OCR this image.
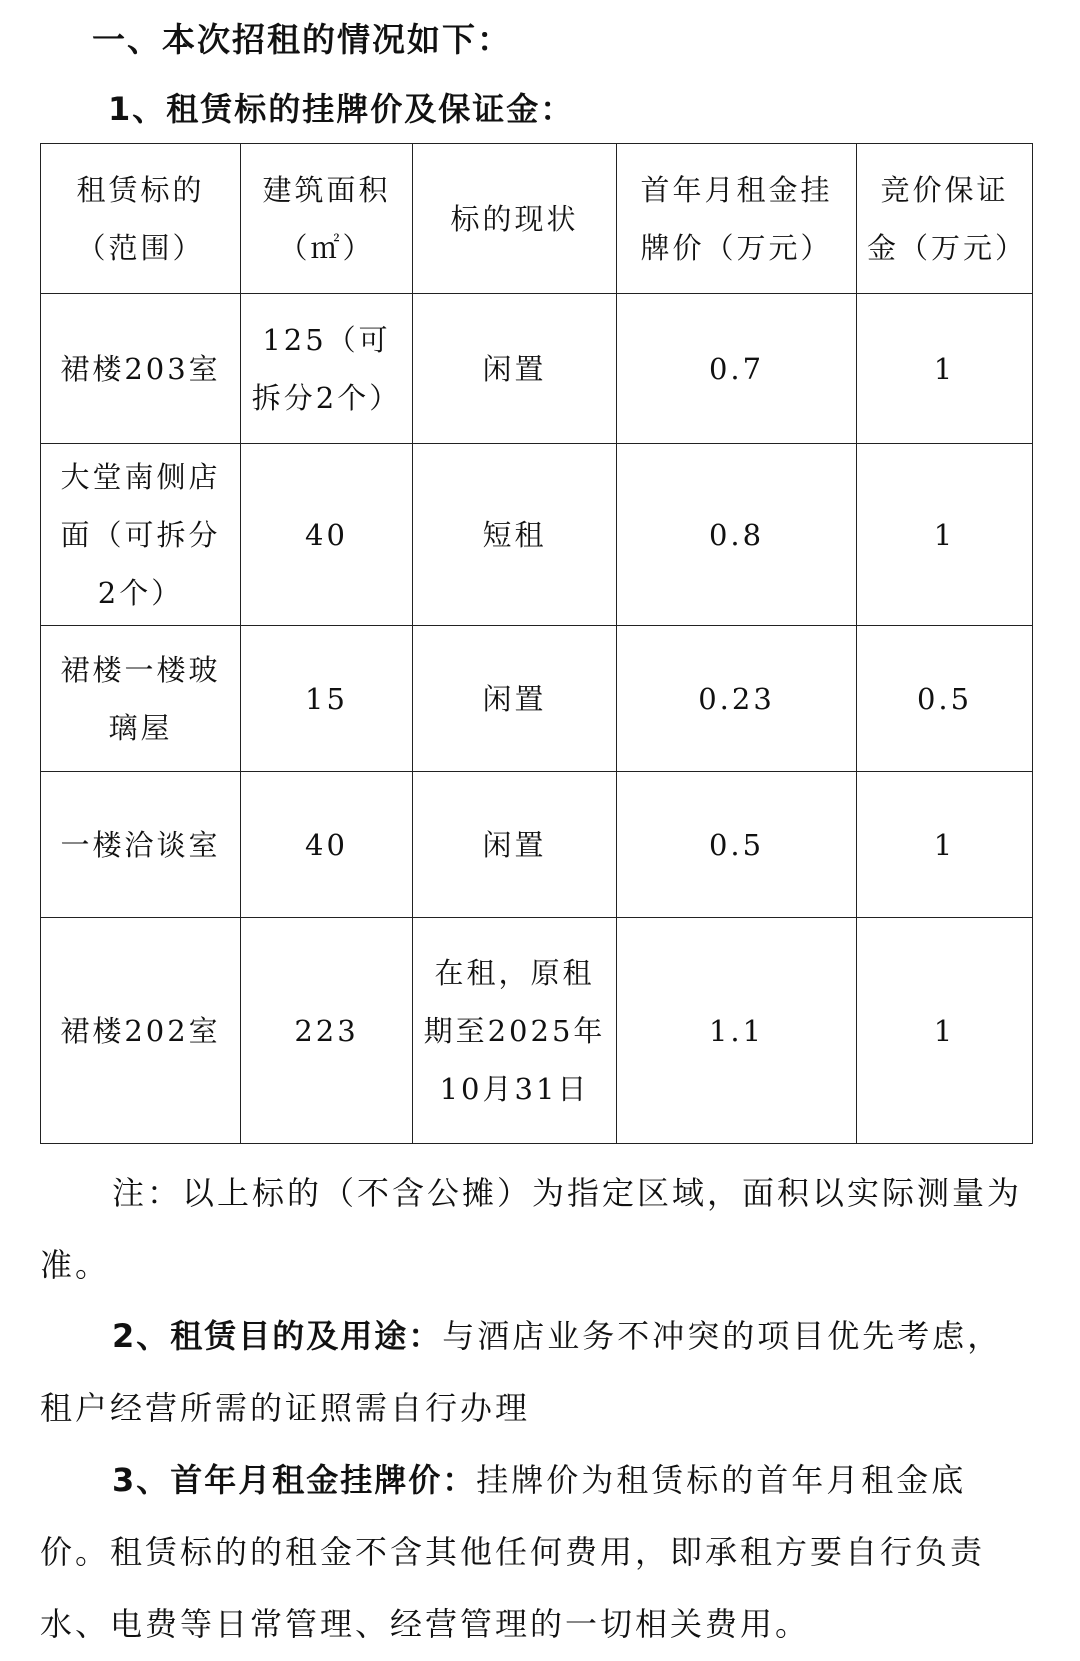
一、本次招租的情况如下：
1、租赁标的挂牌价及保证金：
租赁标的（范围）	建筑面积（㎡）	标的现状	首年月租金挂牌价（万元）	竞价保证金（万元）
裙楼203室	125（可拆分2个）	闲置	0.7	1
大堂南侧店面（可拆分2个）	40	短租	0.8	1
裙楼一楼玻璃屋	15	闲置	0.23	0.5
一楼洽谈室	40	闲置	0.5	1
裙楼202室	223	在租，原租期至2025年10月31日	1.1	1

注：以上标的（不含公摊）为指定区域，面积以实际测量为准。

2、租赁目的及用途：与酒店业务不冲突的项目优先考虑，租户经营所需的证照需自行办理

3、首年月租金挂牌价：挂牌价为租赁标的首年月租金底价。租赁标的的租金不含其他任何费用，即承租方要自行负责水、电费等日常管理、经营管理的一切相关费用。
